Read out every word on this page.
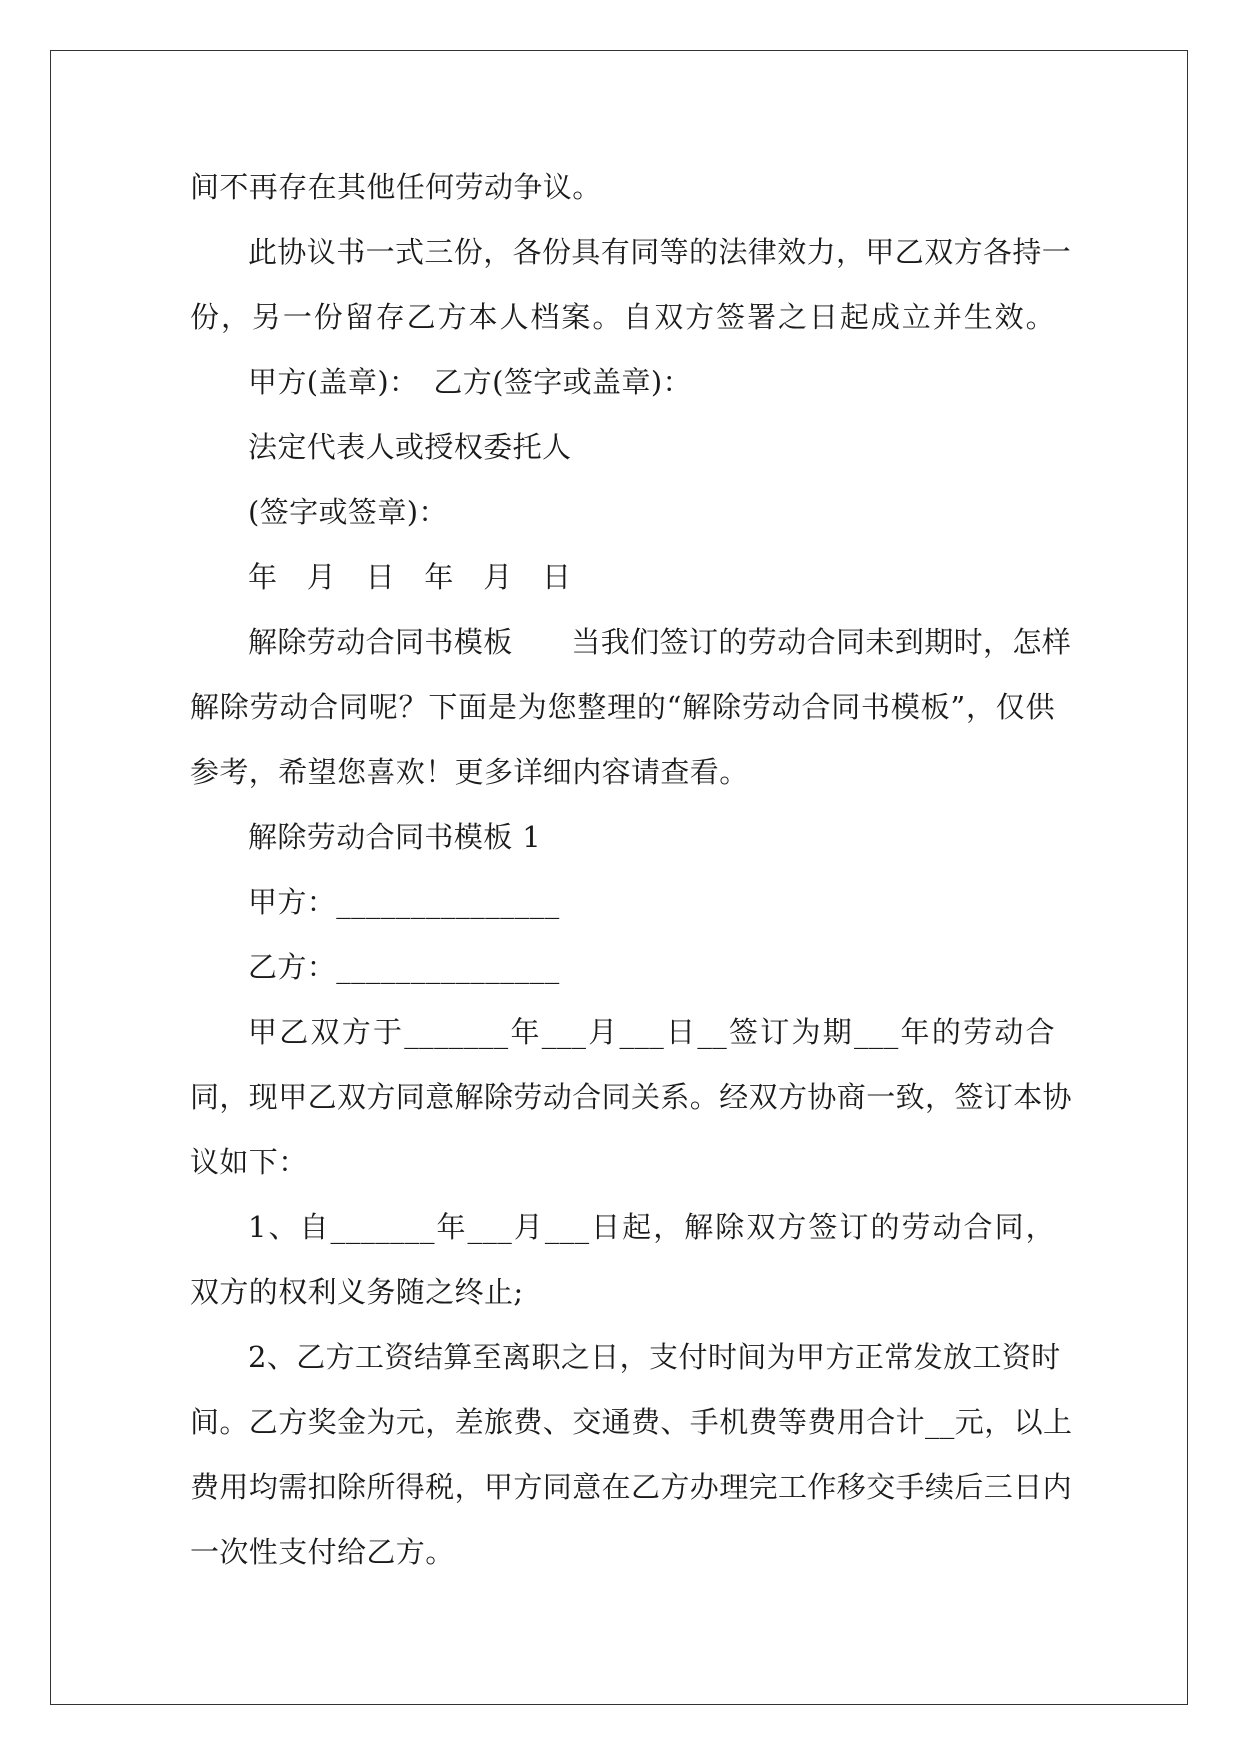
间不再存在其他任何劳动争议。
此协议书一式三份，各份具有同等的法律效力，甲乙双方各持一
份，另一份留存乙方本人档案。自双方签署之日起成立并生效。
甲方(盖章)：　乙方(签字或盖章)：
法定代表人或授权委托人
(签字或签章)：
年　月　日　年　月　日
解除劳动合同书模板　　当我们签订的劳动合同未到期时，怎样
解除劳动合同呢？下面是为您整理的“解除劳动合同书模板”，仅供
参考，希望您喜欢！更多详细内容请查看。
解除劳动合同书模板 1
甲方：_______________
乙方：_______________
甲乙双方于_______年___月___日__签订为期___年的劳动合
同，现甲乙双方同意解除劳动合同关系。经双方协商一致，签订本协
议如下：
1、自_______年___月___日起，解除双方签订的劳动合同，
双方的权利义务随之终止;
2、乙方工资结算至离职之日，支付时间为甲方正常发放工资时
间。乙方奖金为元，差旅费、交通费、手机费等费用合计__元，以上
费用均需扣除所得税，甲方同意在乙方办理完工作移交手续后三日内
一次性支付给乙方。
